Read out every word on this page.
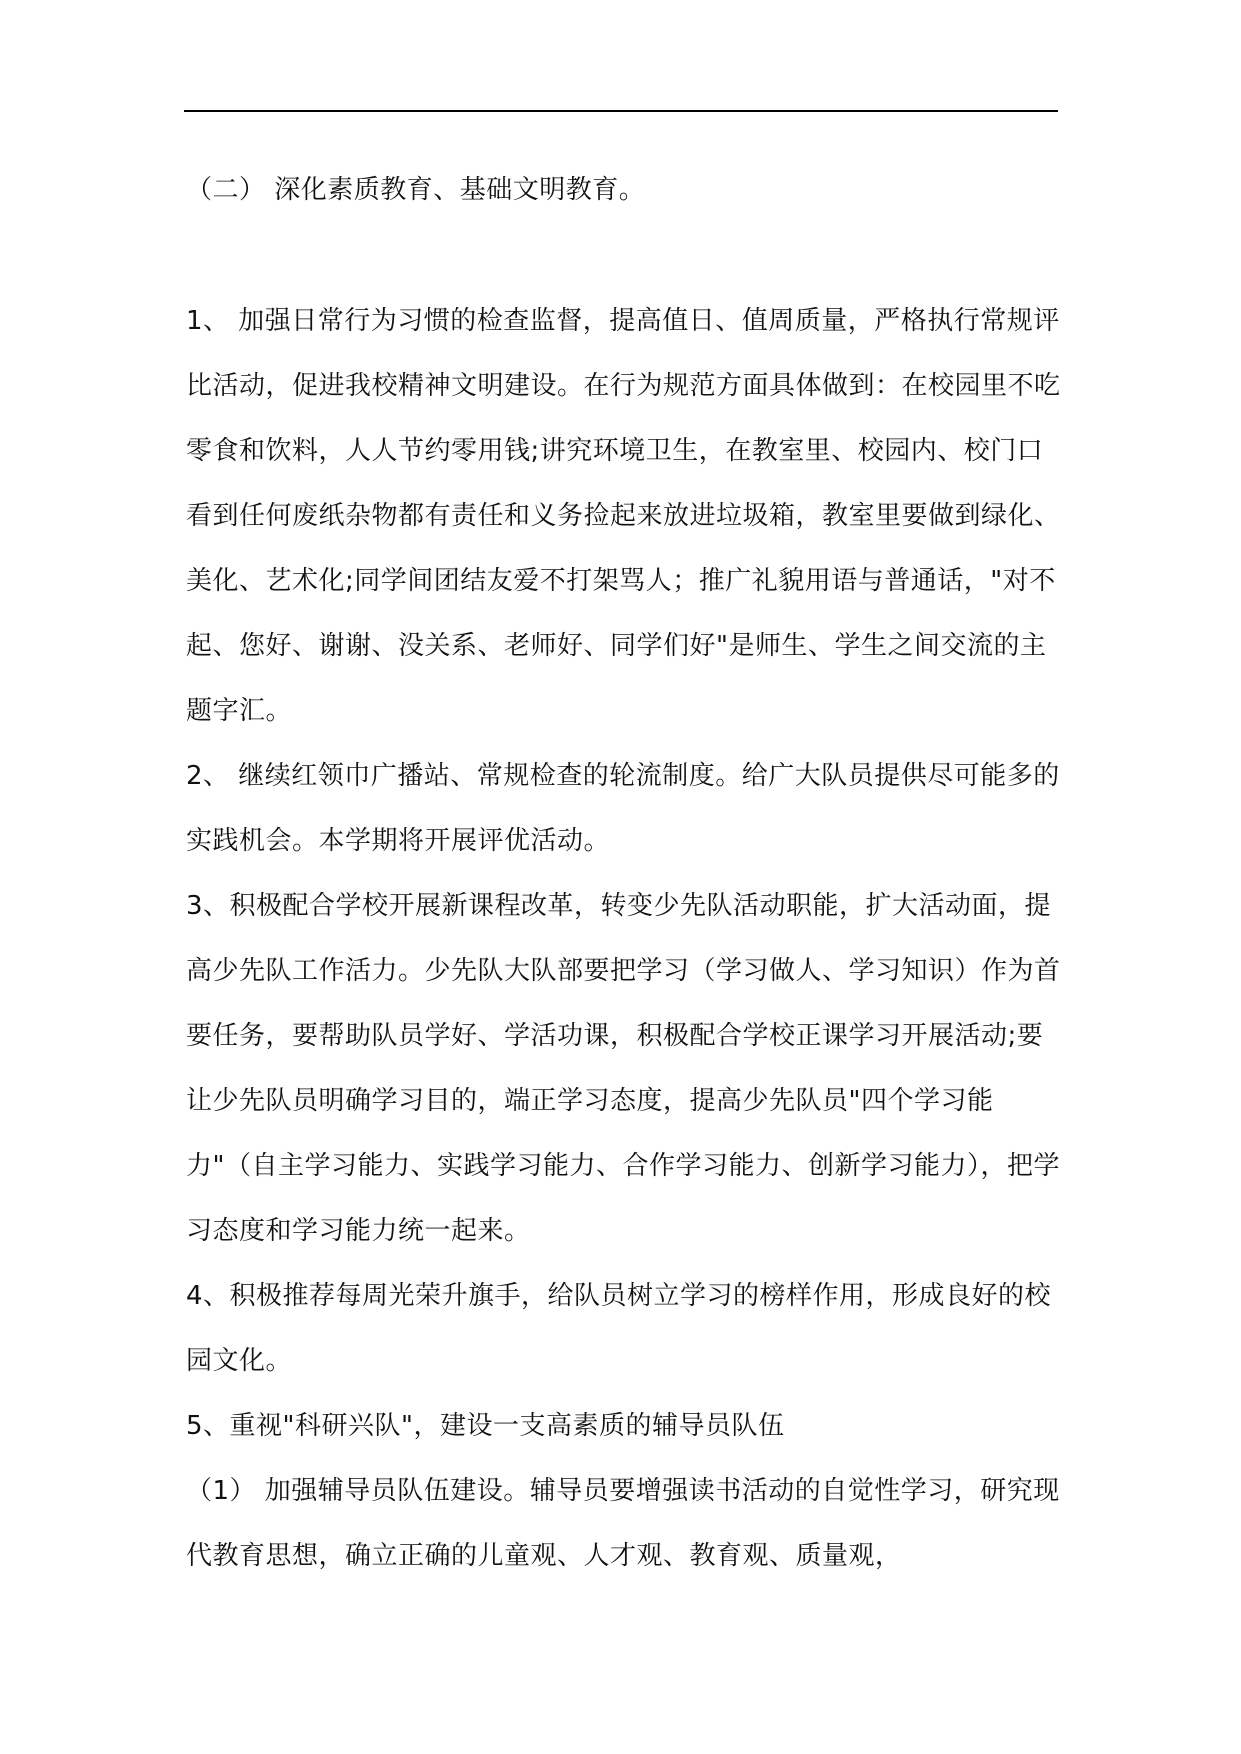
（二） 深化素质教育、基础文明教育。

1、 加强日常行为习惯的检查监督，提高值日、值周质量，严格执行常规评比活动，促进我校精神文明建设。在行为规范方面具体做到：在校园里不吃零食和饮料，人人节约零用钱;讲究环境卫生，在教室里、校园内、校门口看到任何废纸杂物都有责任和义务捡起来放进垃圾箱，教室里要做到绿化、美化、艺术化;同学间团结友爱不打架骂人；推广礼貌用语与普通话，"对不起、您好、谢谢、没关系、老师好、同学们好"是师生、学生之间交流的主题字汇。

2、 继续红领巾广播站、常规检查的轮流制度。给广大队员提供尽可能多的实践机会。本学期将开展评优活动。

3、积极配合学校开展新课程改革，转变少先队活动职能，扩大活动面，提高少先队工作活力。少先队大队部要把学习（学习做人、学习知识）作为首要任务，要帮助队员学好、学活功课，积极配合学校正课学习开展活动;要让少先队员明确学习目的，端正学习态度，提高少先队员"四个学习能力"（自主学习能力、实践学习能力、合作学习能力、创新学习能力），把学习态度和学习能力统一起来。

4、积极推荐每周光荣升旗手，给队员树立学习的榜样作用，形成良好的校园文化。

5、重视"科研兴队"，建设一支高素质的辅导员队伍

（1） 加强辅导员队伍建设。辅导员要增强读书活动的自觉性学习，研究现代教育思想，确立正确的儿童观、人才观、教育观、质量观，
